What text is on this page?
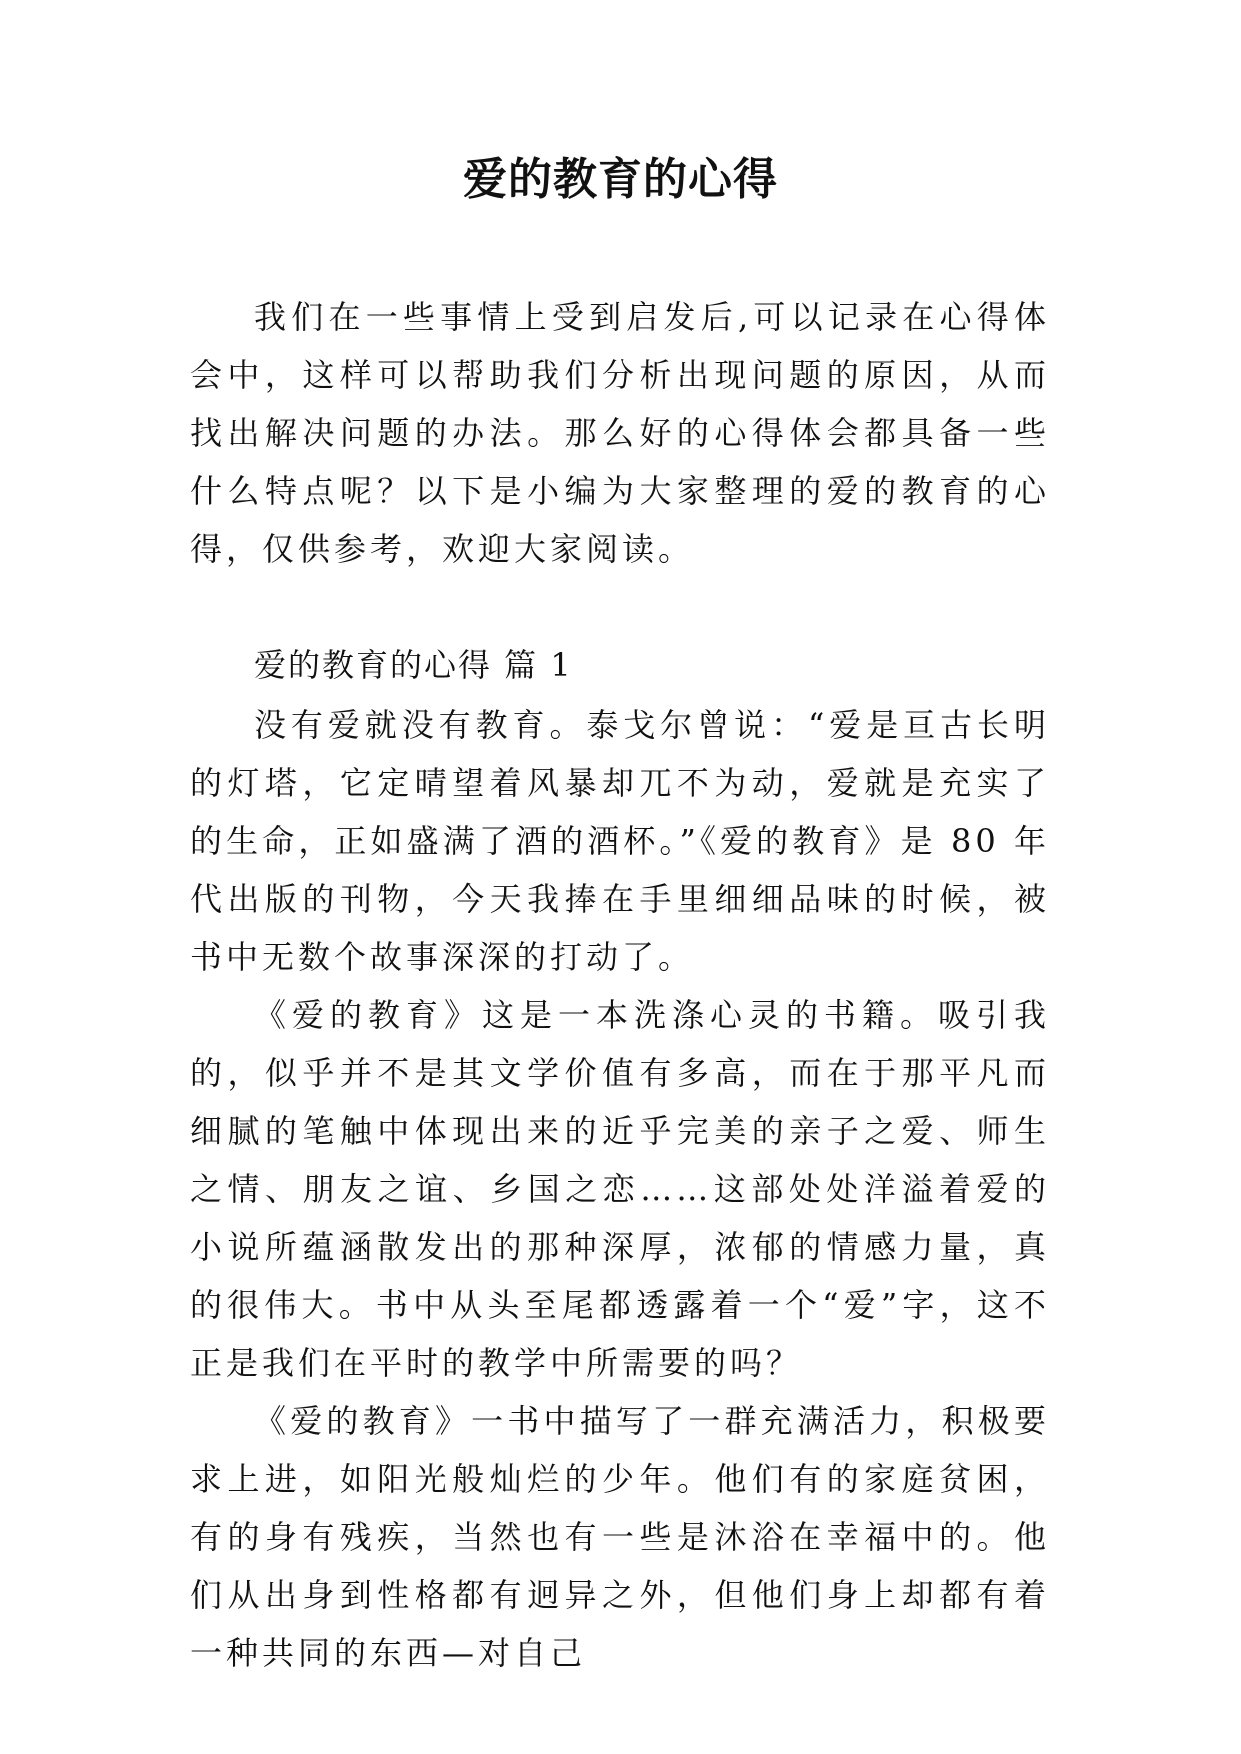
爱的教育的心得

我们在一些事情上受到启发后,可以记录在心得体会中，这样可以帮助我们分析出现问题的原因，从而找出解决问题的办法。那么好的心得体会都具备一些什么特点呢？以下是小编为大家整理的爱的教育的心得，仅供参考，欢迎大家阅读。

爱的教育的心得 篇 1

没有爱就没有教育。泰戈尔曾说：“爱是亘古长明的灯塔，它定晴望着风暴却兀不为动，爱就是充实了的生命，正如盛满了酒的酒杯。”《爱的教育》是 80 年代出版的刊物，今天我捧在手里细细品味的时候，被书中无数个故事深深的打动了。

《爱的教育》这是一本洗涤心灵的书籍。吸引我的，似乎并不是其文学价值有多高，而在于那平凡而细腻的笔触中体现出来的近乎完美的亲子之爱、师生之情、朋友之谊、乡国之恋……这部处处洋溢着爱的小说所蕴涵散发出的那种深厚，浓郁的情感力量，真的很伟大。书中从头至尾都透露着一个“爱”字，这不正是我们在平时的教学中所需要的吗？

《爱的教育》一书中描写了一群充满活力，积极要求上进，如阳光般灿烂的少年。他们有的家庭贫困，有的身有残疾，当然也有一些是沐浴在幸福中的。他们从出身到性格都有迥异之外，但他们身上却都有着一种共同的东西—对自己
